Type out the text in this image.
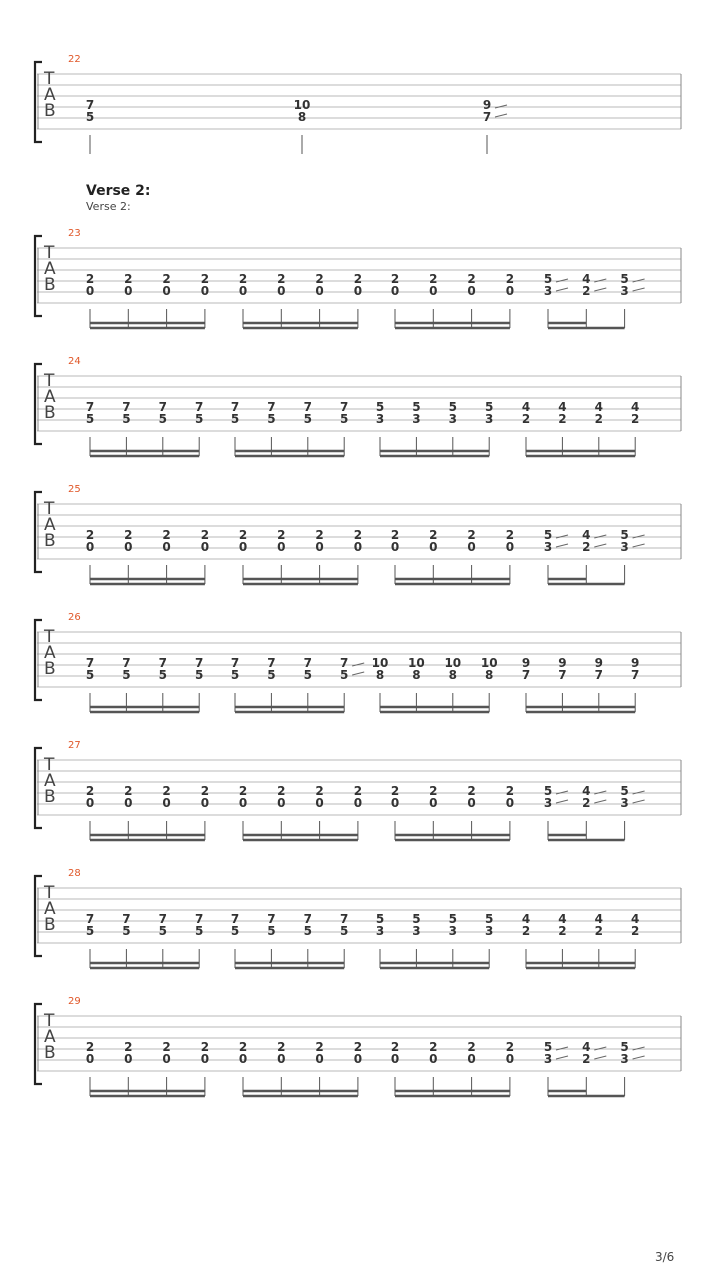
Verse 2:
Verse 2:
22
T
A
B	7
5
10
8
9
7
23
T
A
B	2
0
2
0
2
0
2
0
2
0
2
0
2
0
2
0
2
0
2
0
2
0
2
0
5
3
4
2
5
3
24
T
A
B	7
5
7
5
7
5
7
5
7
5
7
5
7
5
7
5
5
3
5
3
5
3
5
3
4
2
4
2
4
2
4
2
25
T
A
B	2
0
2
0
2
0
2
0
2
0
2
0
2
0
2
0
2
0
2
0
2
0
2
0
5
3
4
2
5
3
26
T
A
B	7
5
7
5
7
5
7
5
7
5
7
5
7
5
7
5
10
8
10
8
10
8
10
8
9
7
9
7
9
7
9
7
27
T
A
B	2
0
2
0
2
0
2
0
2
0
2
0
2
0
2
0
2
0
2
0
2
0
2
0
5
3
4
2
5
3
28
T
A
B	7
5
7
5
7
5
7
5
7
5
7
5
7
5
7
5
5
3
5
3
5
3
5
3
4
2
4
2
4
2
4
2
29
T
A
B	2
0
2
0
2
0
2
0
2
0
2
0
2
0
2
0
2
0
2
0
2
0
2
0
5
3
4
2
5
3
3/6
